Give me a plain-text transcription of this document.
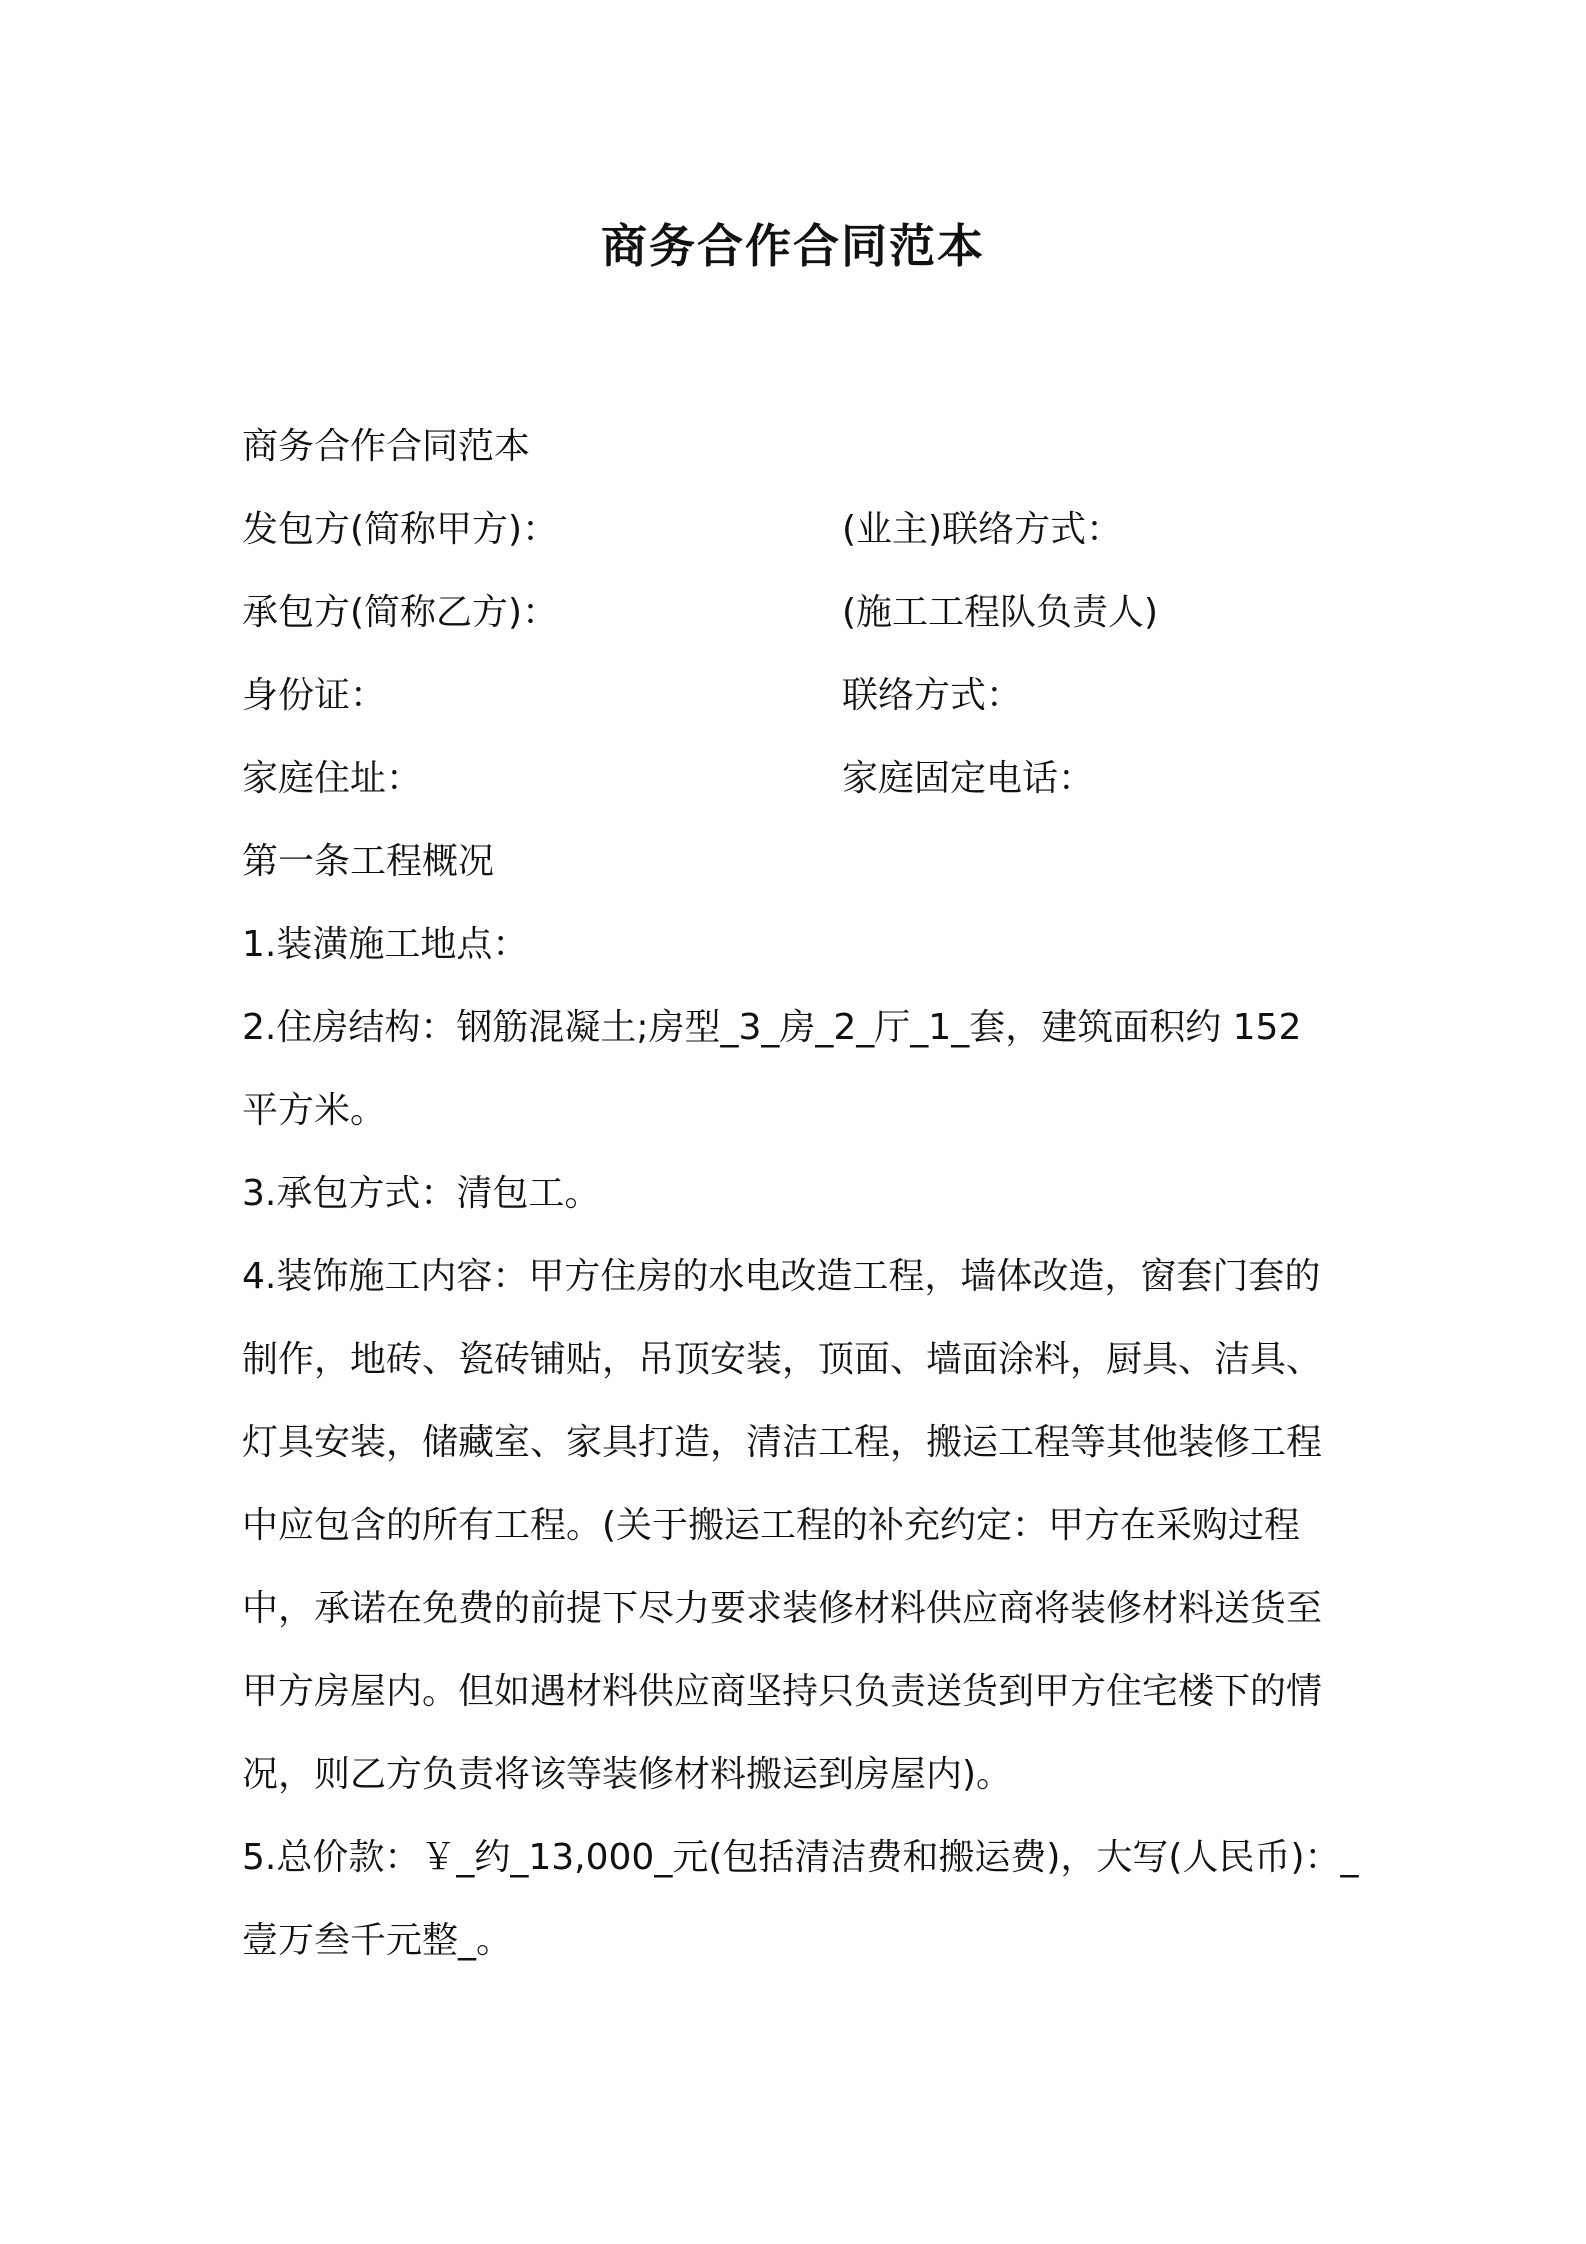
商务合作合同范本
商务合作合同范本
发包方(简称甲方)：	(业主)联络方式：
承包方(简称乙方)：	(施工工程队负责人)
身份证：	联络方式：
家庭住址：	家庭固定电话：
第一条工程概况
1.装潢施工地点：
2.住房结构：钢筋混凝土;房型_3_房_2_厅_1_套，建筑面积约 152
平方米。
3.承包方式：清包工。
4.装饰施工内容：甲方住房的水电改造工程，墙体改造，窗套门套的
制作，地砖、瓷砖铺贴，吊顶安装，顶面、墙面涂料，厨具、洁具、
灯具安装，储藏室、家具打造，清洁工程，搬运工程等其他装修工程
中应包含的所有工程。(关于搬运工程的补充约定：甲方在采购过程
中，承诺在免费的前提下尽力要求装修材料供应商将装修材料送货至
甲方房屋内。但如遇材料供应商坚持只负责送货到甲方住宅楼下的情
况，则乙方负责将该等装修材料搬运到房屋内)。
5.总价款：￥_约_13,000_元(包括清洁费和搬运费)，大写(人民币)：_
壹万叁千元整_。
